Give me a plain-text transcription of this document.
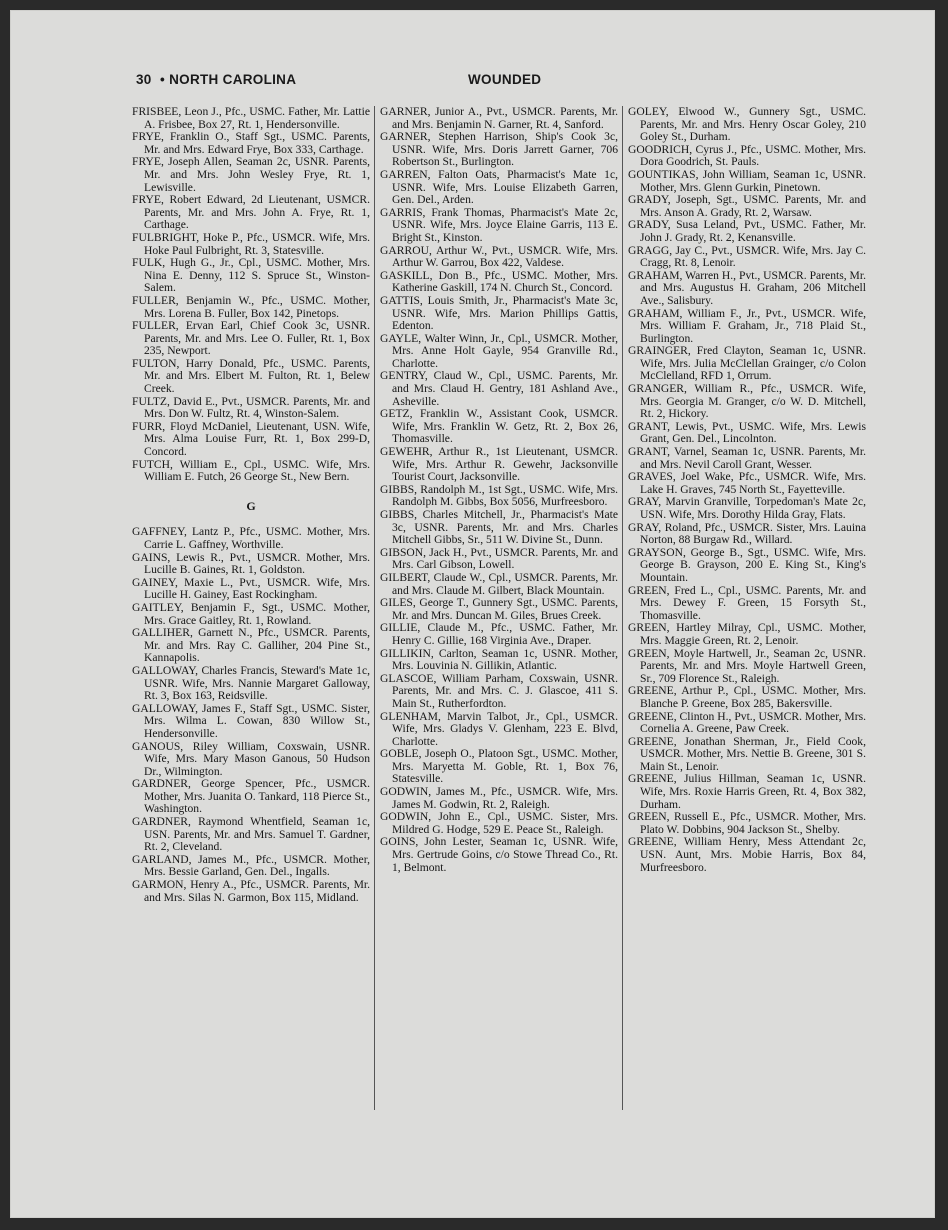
30 • NORTH CAROLINA	WOUNDED
FRISBEE, Leon J., Pfc., USMC. Father, Mr. Lattie A. Frisbee, Box 27, Rt. 1, Hendersonville.
FRYE, Franklin O., Staff Sgt., USMC. Parents, Mr. and Mrs. Edward Frye, Box 333, Carthage.
FRYE, Joseph Allen, Seaman 2c, USNR. Parents, Mr. and Mrs. John Wesley Frye, Rt. 1, Lewisville.
FRYE, Robert Edward, 2d Lieutenant, USMCR. Parents, Mr. and Mrs. John A. Frye, Rt. 1, Carthage.
FULBRIGHT, Hoke P., Pfc., USMCR. Wife, Mrs. Hoke Paul Fulbright, Rt. 3, Statesville.
FULK, Hugh G., Jr., Cpl., USMC. Mother, Mrs. Nina E. Denny, 112 S. Spruce St., Winston-Salem.
FULLER, Benjamin W., Pfc., USMC. Mother, Mrs. Lorena B. Fuller, Box 142, Pinetops.
FULLER, Ervan Earl, Chief Cook 3c, USNR. Parents, Mr. and Mrs. Lee O. Fuller, Rt. 1, Box 235, Newport.
FULTON, Harry Donald, Pfc., USMC. Parents, Mr. and Mrs. Elbert M. Fulton, Rt. 1, Belew Creek.
FULTZ, David E., Pvt., USMCR. Parents, Mr. and Mrs. Don W. Fultz, Rt. 4, Winston-Salem.
FURR, Floyd McDaniel, Lieutenant, USN. Wife, Mrs. Alma Louise Furr, Rt. 1, Box 299-D, Concord.
FUTCH, William E., Cpl., USMC. Wife, Mrs. William E. Futch, 26 George St., New Bern.
G
GAFFNEY, Lantz P., Pfc., USMC. Mother, Mrs. Carrie L. Gaffney, Worthville.
GAINS, Lewis R., Pvt., USMCR. Mother, Mrs. Lucille B. Gaines, Rt. 1, Goldston.
GAINEY, Maxie L., Pvt., USMCR. Wife, Mrs. Lucille H. Gainey, East Rockingham.
GAITLEY, Benjamin F., Sgt., USMC. Mother, Mrs. Grace Gaitley, Rt. 1, Rowland.
GALLIHER, Garnett N., Pfc., USMCR. Parents, Mr. and Mrs. Ray C. Galliher, 204 Pine St., Kannapolis.
GALLOWAY, Charles Francis, Steward's Mate 1c, USNR. Wife, Mrs. Nannie Margaret Galloway, Rt. 3, Box 163, Reidsville.
GALLOWAY, James F., Staff Sgt., USMC. Sister, Mrs. Wilma L. Cowan, 830 Willow St., Hendersonville.
GANOUS, Riley William, Coxswain, USNR. Wife, Mrs. Mary Mason Ganous, 50 Hudson Dr., Wilmington.
GARDNER, George Spencer, Pfc., USMCR. Mother, Mrs. Juanita O. Tankard, 118 Pierce St., Washington.
GARDNER, Raymond Whentfield, Seaman 1c, USN. Parents, Mr. and Mrs. Samuel T. Gardner, Rt. 2, Cleveland.
GARLAND, James M., Pfc., USMCR. Mother, Mrs. Bessie Garland, Gen. Del., Ingalls.
GARMON, Henry A., Pfc., USMCR. Parents, Mr. and Mrs. Silas N. Garmon, Box 115, Midland.
GARNER, Junior A., Pvt., USMCR. Parents, Mr. and Mrs. Benjamin N. Garner, Rt. 4, Sanford.
GARNER, Stephen Harrison, Ship's Cook 3c, USNR. Wife, Mrs. Doris Jarrett Garner, 706 Robertson St., Burlington.
GARREN, Falton Oats, Pharmacist's Mate 1c, USNR. Wife, Mrs. Louise Elizabeth Garren, Gen. Del., Arden.
GARRIS, Frank Thomas, Pharmacist's Mate 2c, USNR. Wife, Mrs. Joyce Elaine Garris, 113 E. Bright St., Kinston.
GARROU, Arthur W., Pvt., USMCR. Wife, Mrs. Arthur W. Garrou, Box 422, Valdese.
GASKILL, Don B., Pfc., USMC. Mother, Mrs. Katherine Gaskill, 174 N. Church St., Concord.
GATTIS, Louis Smith, Jr., Pharmacist's Mate 3c, USNR. Wife, Mrs. Marion Phillips Gattis, Edenton.
GAYLE, Walter Winn, Jr., Cpl., USMCR. Mother, Mrs. Anne Holt Gayle, 954 Granville Rd., Charlotte.
GENTRY, Claud W., Cpl., USMC. Parents, Mr. and Mrs. Claud H. Gentry, 181 Ashland Ave., Asheville.
GETZ, Franklin W., Assistant Cook, USMCR. Wife, Mrs. Franklin W. Getz, Rt. 2, Box 26, Thomasville.
GEWEHR, Arthur R., 1st Lieutenant, USMCR. Wife, Mrs. Arthur R. Gewehr, Jacksonville Tourist Court, Jacksonville.
GIBBS, Randolph M., 1st Sgt., USMC. Wife, Mrs. Randolph M. Gibbs, Box 5056, Murfreesboro.
GIBBS, Charles Mitchell, Jr., Pharmacist's Mate 3c, USNR. Parents, Mr. and Mrs. Charles Mitchell Gibbs, Sr., 511 W. Divine St., Dunn.
GIBSON, Jack H., Pvt., USMCR. Parents, Mr. and Mrs. Carl Gibson, Lowell.
GILBERT, Claude W., Cpl., USMCR. Parents, Mr. and Mrs. Claude M. Gilbert, Black Mountain.
GILES, George T., Gunnery Sgt., USMC. Parents, Mr. and Mrs. Duncan M. Giles, Brues Creek.
GILLIE, Claude M., Pfc., USMC. Father, Mr. Henry C. Gillie, 168 Virginia Ave., Draper.
GILLIKIN, Carlton, Seaman 1c, USNR. Mother, Mrs. Louvinia N. Gillikin, Atlantic.
GLASCOE, William Parham, Coxswain, USNR. Parents, Mr. and Mrs. C. J. Glascoe, 411 S. Main St., Rutherfordton.
GLENHAM, Marvin Talbot, Jr., Cpl., USMCR. Wife, Mrs. Gladys V. Glenham, 223 E. Blvd, Charlotte.
GOBLE, Joseph O., Platoon Sgt., USMC. Mother, Mrs. Maryetta M. Goble, Rt. 1, Box 76, Statesville.
GODWIN, James M., Pfc., USMCR. Wife, Mrs. James M. Godwin, Rt. 2, Raleigh.
GODWIN, John E., Cpl., USMC. Sister, Mrs. Mildred G. Hodge, 529 E. Peace St., Raleigh.
GOINS, John Lester, Seaman 1c, USNR. Wife, Mrs. Gertrude Goins, c/o Stowe Thread Co., Rt. 1, Belmont.
GOLEY, Elwood W., Gunnery Sgt., USMC. Parents, Mr. and Mrs. Henry Oscar Goley, 210 Goley St., Durham.
GOODRICH, Cyrus J., Pfc., USMC. Mother, Mrs. Dora Goodrich, St. Pauls.
GOUNTIKAS, John William, Seaman 1c, USNR. Mother, Mrs. Glenn Gurkin, Pinetown.
GRADY, Joseph, Sgt., USMC. Parents, Mr. and Mrs. Anson A. Grady, Rt. 2, Warsaw.
GRADY, Susa Leland, Pvt., USMC. Father, Mr. John J. Grady, Rt. 2, Kenansville.
GRAGG, Jay C., Pvt., USMCR. Wife, Mrs. Jay C. Cragg, Rt. 8, Lenoir.
GRAHAM, Warren H., Pvt., USMCR. Parents, Mr. and Mrs. Augustus H. Graham, 206 Mitchell Ave., Salisbury.
GRAHAM, William F., Jr., Pvt., USMCR. Wife, Mrs. William F. Graham, Jr., 718 Plaid St., Burlington.
GRAINGER, Fred Clayton, Seaman 1c, USNR. Wife, Mrs. Julia McClellan Grainger, c/o Colon McClelland, RFD 1, Orrum.
GRANGER, William R., Pfc., USMCR. Wife, Mrs. Georgia M. Granger, c/o W. D. Mitchell, Rt. 2, Hickory.
GRANT, Lewis, Pvt., USMC. Wife, Mrs. Lewis Grant, Gen. Del., Lincolnton.
GRANT, Varnel, Seaman 1c, USNR. Parents, Mr. and Mrs. Nevil Caroll Grant, Wesser.
GRAVES, Joel Wake, Pfc., USMCR. Wife, Mrs. Lake H. Graves, 745 North St., Fayetteville.
GRAY, Marvin Granville, Torpedoman's Mate 2c, USN. Wife, Mrs. Dorothy Hilda Gray, Flats.
GRAY, Roland, Pfc., USMCR. Sister, Mrs. Lauina Norton, 88 Burgaw Rd., Willard.
GRAYSON, George B., Sgt., USMC. Wife, Mrs. George B. Grayson, 200 E. King St., King's Mountain.
GREEN, Fred L., Cpl., USMC. Parents, Mr. and Mrs. Dewey F. Green, 15 Forsyth St., Thomasville.
GREEN, Hartley Milray, Cpl., USMC. Mother, Mrs. Maggie Green, Rt. 2, Lenoir.
GREEN, Moyle Hartwell, Jr., Seaman 2c, USNR. Parents, Mr. and Mrs. Moyle Hartwell Green, Sr., 709 Florence St., Raleigh.
GREENE, Arthur P., Cpl., USMC. Mother, Mrs. Blanche P. Greene, Box 285, Bakersville.
GREENE, Clinton H., Pvt., USMCR. Mother, Mrs. Cornelia A. Greene, Paw Creek.
GREENE, Jonathan Sherman, Jr., Field Cook, USMCR. Mother, Mrs. Nettie B. Greene, 301 S. Main St., Lenoir.
GREENE, Julius Hillman, Seaman 1c, USNR. Wife, Mrs. Roxie Harris Green, Rt. 4, Box 382, Durham.
GREEN, Russell E., Pfc., USMCR. Mother, Mrs. Plato W. Dobbins, 904 Jackson St., Shelby.
GREENE, William Henry, Mess Attendant 2c, USN. Aunt, Mrs. Mobie Harris, Box 84, Murfreesboro.
